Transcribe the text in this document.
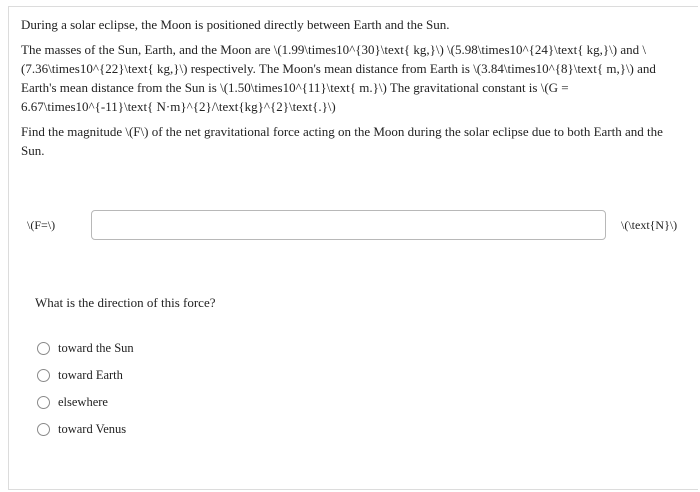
During a solar eclipse, the Moon is positioned directly between Earth and the Sun.

The masses of the Sun, Earth, and the Moon are \(1.99\times10^{30}\text{ kg,}\) \(5.98\times10^{24}\text{ kg,}\) and \(7.36\times10^{22}\text{ kg,}\) respectively. The Moon's mean distance from Earth is \(3.84\times10^{8}\text{ m,}\) and Earth's mean distance from the Sun is \(1.50\times10^{11}\text{ m.}\) The gravitational constant is \(G = 6.67\times10^{-11}\text{ N·m}^{2}/\text{kg}^{2}\text{.}\)

Find the magnitude \(F\) of the net gravitational force acting on the Moon during the solar eclipse due to both Earth and the Sun.

\(F=\)	\(\text{N}\)
What is the direction of this force?
toward the Sun
toward Earth
elsewhere
toward Venus
